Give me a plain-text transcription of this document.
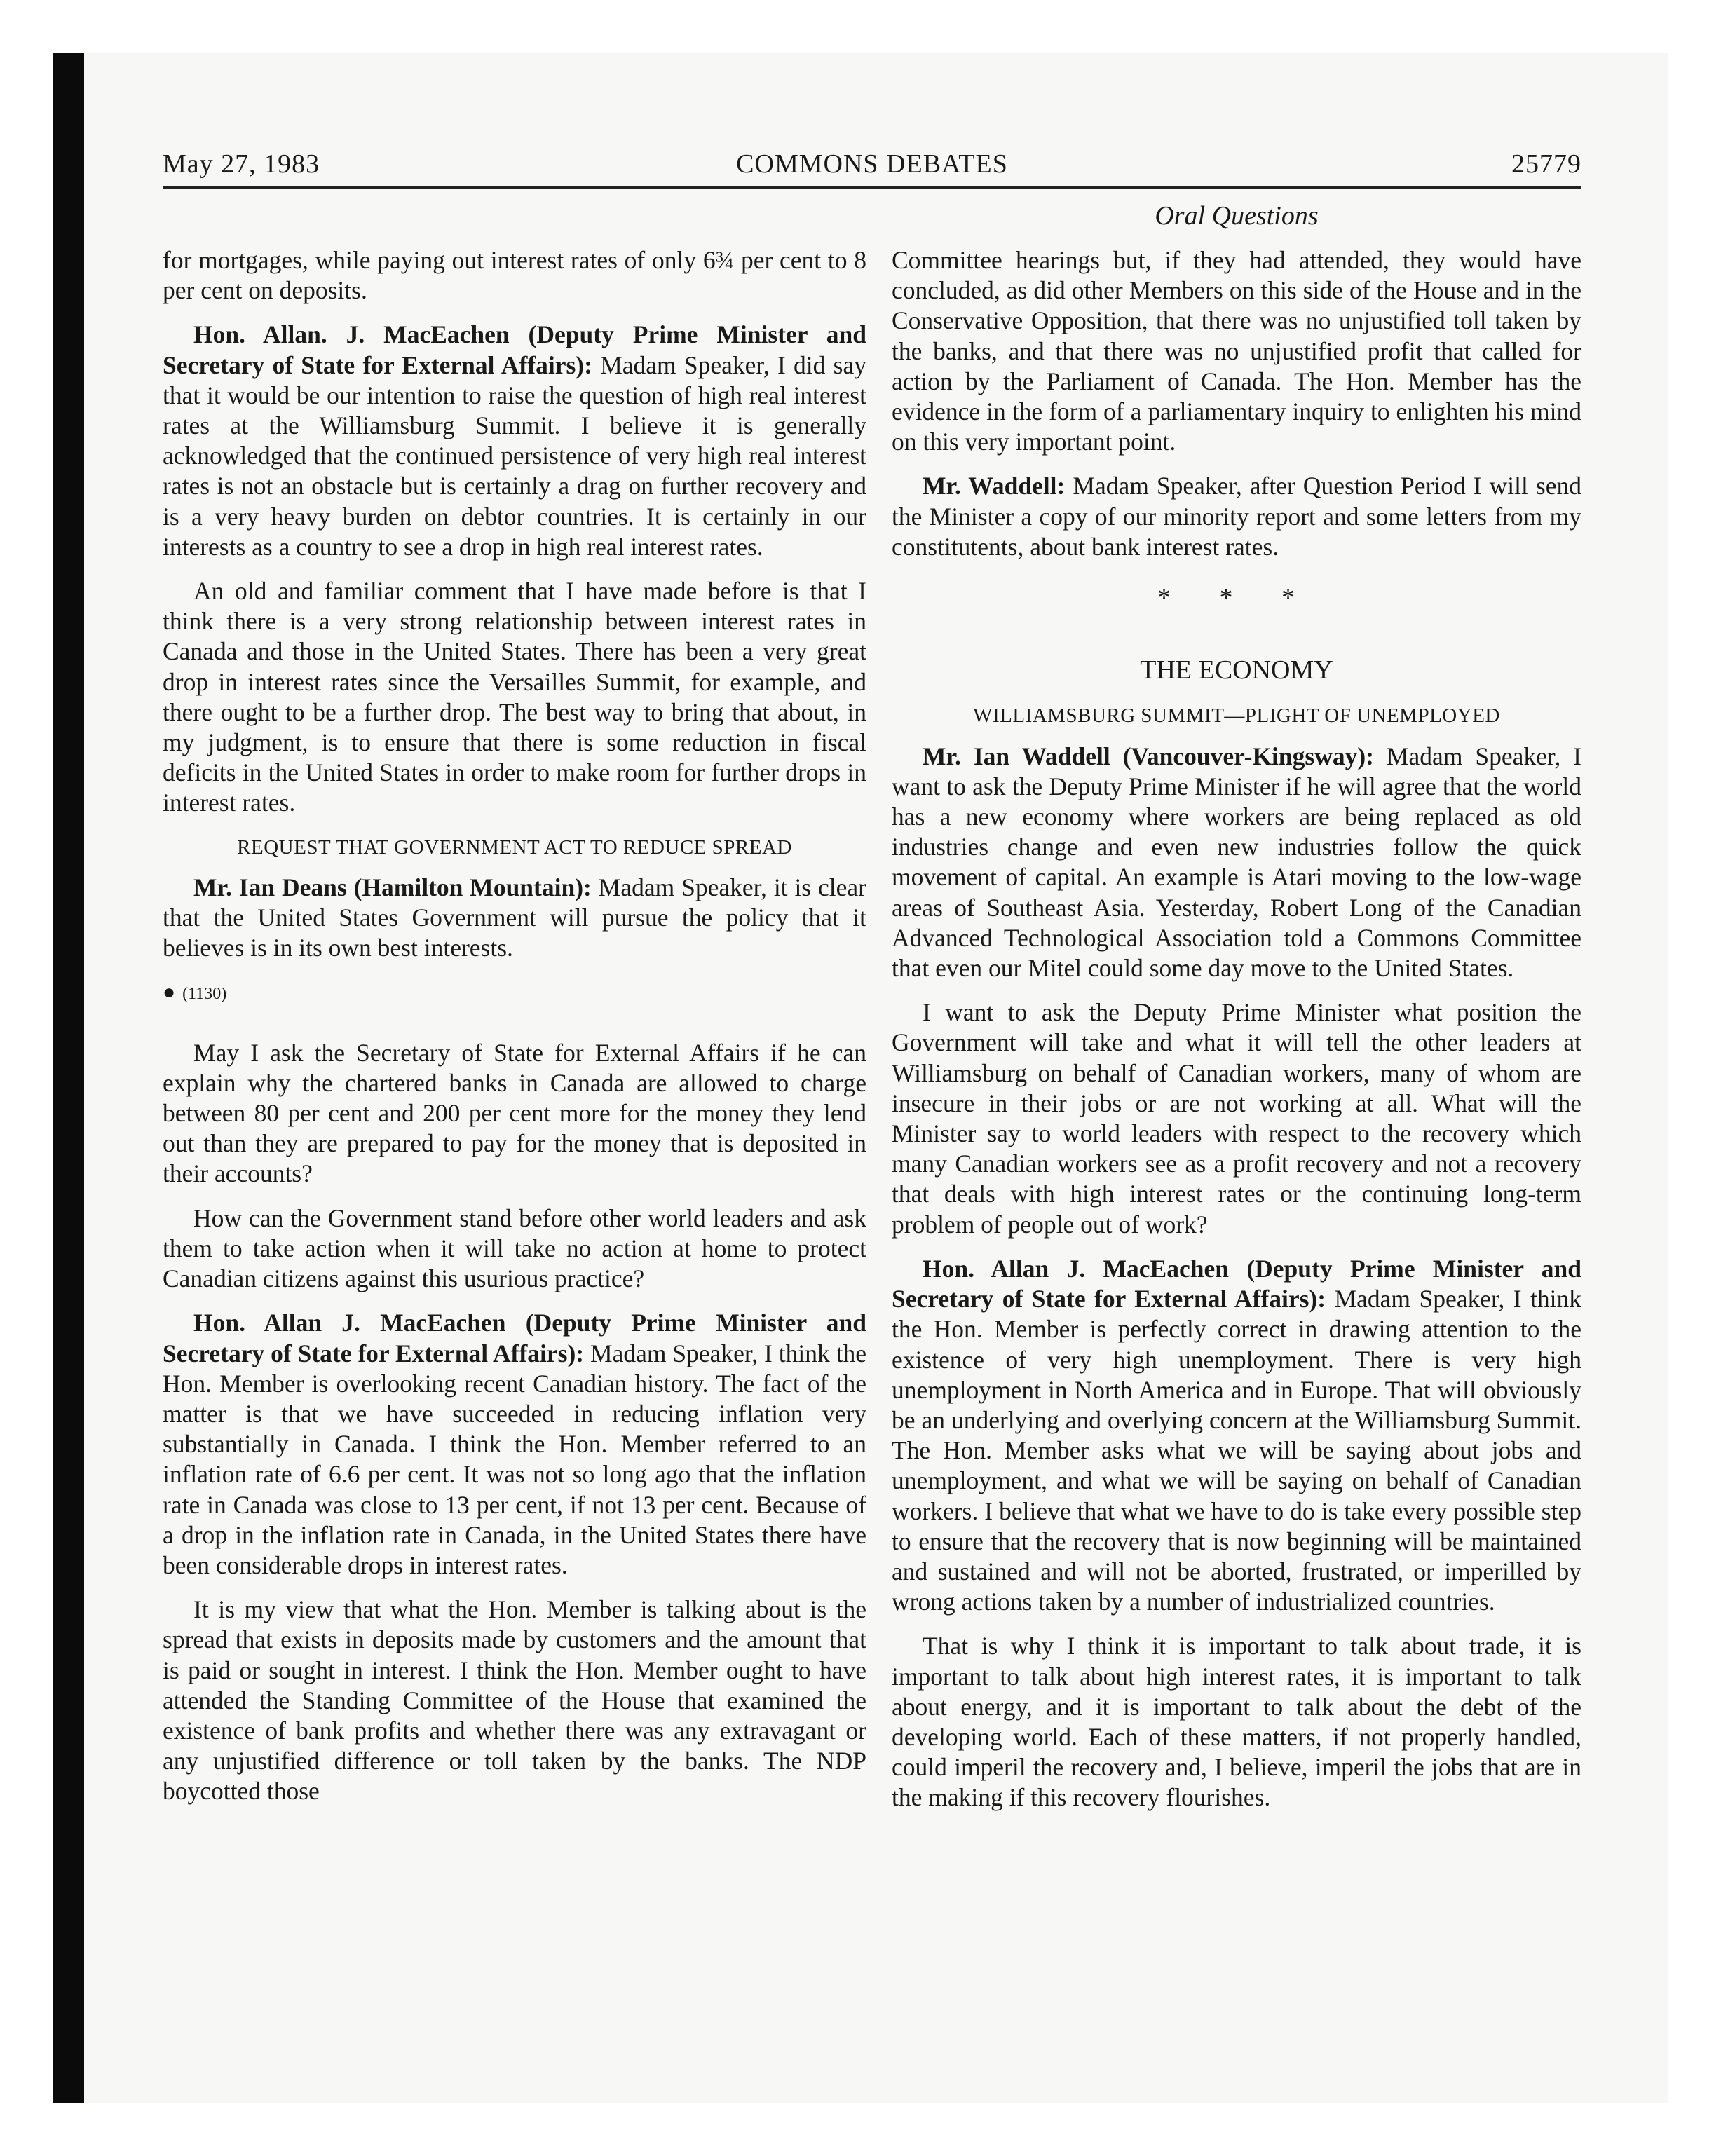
May 27, 1983	COMMONS DEBATES	25779
Oral Questions

for mortgages, while paying out interest rates of only 6¾ per cent to 8 per cent on deposits.

Hon. Allan. J. MacEachen (Deputy Prime Minister and Secretary of State for External Affairs): Madam Speaker, I did say that it would be our intention to raise the question of high real interest rates at the Williamsburg Summit. I believe it is generally acknowledged that the continued persistence of very high real interest rates is not an obstacle but is certainly a drag on further recovery and is a very heavy burden on debtor countries. It is certainly in our interests as a country to see a drop in high real interest rates.

An old and familiar comment that I have made before is that I think there is a very strong relationship between interest rates in Canada and those in the United States. There has been a very great drop in interest rates since the Versailles Summit, for example, and there ought to be a further drop. The best way to bring that about, in my judgment, is to ensure that there is some reduction in fiscal deficits in the United States in order to make room for further drops in interest rates.

REQUEST THAT GOVERNMENT ACT TO REDUCE SPREAD

Mr. Ian Deans (Hamilton Mountain): Madam Speaker, it is clear that the United States Government will pursue the policy that it believes is in its own best interests.

● (1130)

May I ask the Secretary of State for External Affairs if he can explain why the chartered banks in Canada are allowed to charge between 80 per cent and 200 per cent more for the money they lend out than they are prepared to pay for the money that is deposited in their accounts?

How can the Government stand before other world leaders and ask them to take action when it will take no action at home to protect Canadian citizens against this usurious practice?

Hon. Allan J. MacEachen (Deputy Prime Minister and Secretary of State for External Affairs): Madam Speaker, I think the Hon. Member is overlooking recent Canadian history. The fact of the matter is that we have succeeded in reducing inflation very substantially in Canada. I think the Hon. Member referred to an inflation rate of 6.6 per cent. It was not so long ago that the inflation rate in Canada was close to 13 per cent, if not 13 per cent. Because of a drop in the inflation rate in Canada, in the United States there have been considerable drops in interest rates.

It is my view that what the Hon. Member is talking about is the spread that exists in deposits made by customers and the amount that is paid or sought in interest. I think the Hon. Member ought to have attended the Standing Committee of the House that examined the existence of bank profits and whether there was any extravagant or any unjustified difference or toll taken by the banks. The NDP boycotted those

Committee hearings but, if they had attended, they would have concluded, as did other Members on this side of the House and in the Conservative Opposition, that there was no unjustified toll taken by the banks, and that there was no unjustified profit that called for action by the Parliament of Canada. The Hon. Member has the evidence in the form of a parliamentary inquiry to enlighten his mind on this very important point.

Mr. Waddell: Madam Speaker, after Question Period I will send the Minister a copy of our minority report and some letters from my constitutents, about bank interest rates.

* * *
THE ECONOMY
WILLIAMSBURG SUMMIT—PLIGHT OF UNEMPLOYED

Mr. Ian Waddell (Vancouver-Kingsway): Madam Speaker, I want to ask the Deputy Prime Minister if he will agree that the world has a new economy where workers are being replaced as old industries change and even new industries follow the quick movement of capital. An example is Atari moving to the low-wage areas of Southeast Asia. Yesterday, Robert Long of the Canadian Advanced Technological Association told a Commons Committee that even our Mitel could some day move to the United States.

I want to ask the Deputy Prime Minister what position the Government will take and what it will tell the other leaders at Williamsburg on behalf of Canadian workers, many of whom are insecure in their jobs or are not working at all. What will the Minister say to world leaders with respect to the recovery which many Canadian workers see as a profit recovery and not a recovery that deals with high interest rates or the continuing long-term problem of people out of work?

Hon. Allan J. MacEachen (Deputy Prime Minister and Secretary of State for External Affairs): Madam Speaker, I think the Hon. Member is perfectly correct in drawing attention to the existence of very high unemployment. There is very high unemployment in North America and in Europe. That will obviously be an underlying and overlying concern at the Williamsburg Summit. The Hon. Member asks what we will be saying about jobs and unemployment, and what we will be saying on behalf of Canadian workers. I believe that what we have to do is take every possible step to ensure that the recovery that is now beginning will be maintained and sustained and will not be aborted, frustrated, or imperilled by wrong actions taken by a number of industrialized countries.

That is why I think it is important to talk about trade, it is important to talk about high interest rates, it is important to talk about energy, and it is important to talk about the debt of the developing world. Each of these matters, if not properly handled, could imperil the recovery and, I believe, imperil the jobs that are in the making if this recovery flourishes.
